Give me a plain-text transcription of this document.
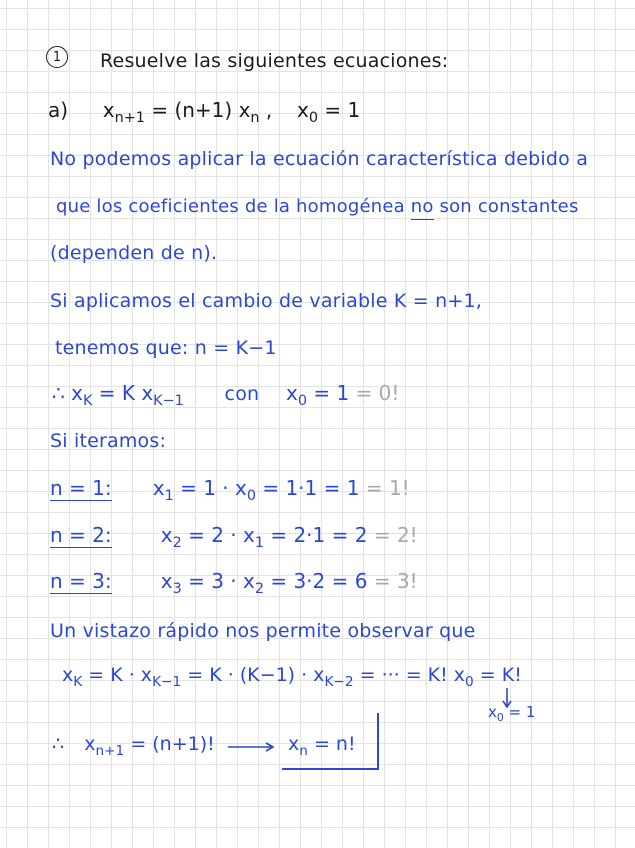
1	Resuelve las siguientes ecuaciones:
a) $x_{n+1} = (n+1)$ $x_n$ , $x_0 = 1$
No podemos aplicar la ecuación característica debido a
que los coeficientes de la homogénea no son constantes
(dependen de n).
Si aplicamos el cambio de variable K = n+1,
tenemos que: n = K−1
∴ $x_K = K$ $x_{K-1}$ con $x_0 = 1 = 0$!
Si iteramos:
n = 1: $x_1 = 1 \cdot x_0 = 1\cdot 1 = 1 = 1$!
n = 2: $x_2 = 2 \cdot x_1 = 2\cdot 1 = 2 = 2$!
n = 3: $x_3 = 3 \cdot x_2 = 3\cdot 2 = 6 = 3$!
Un vistazo rápido nos permite observar que
$x_K = K \cdot x_{K-1} = K \cdot (K-1) \cdot x_{K-2}$ = ··· = K! $x_0 = K$!
$x_0 = 1$
∴ $x_{n+1} = (n+1)$!	$x_n = n$!
